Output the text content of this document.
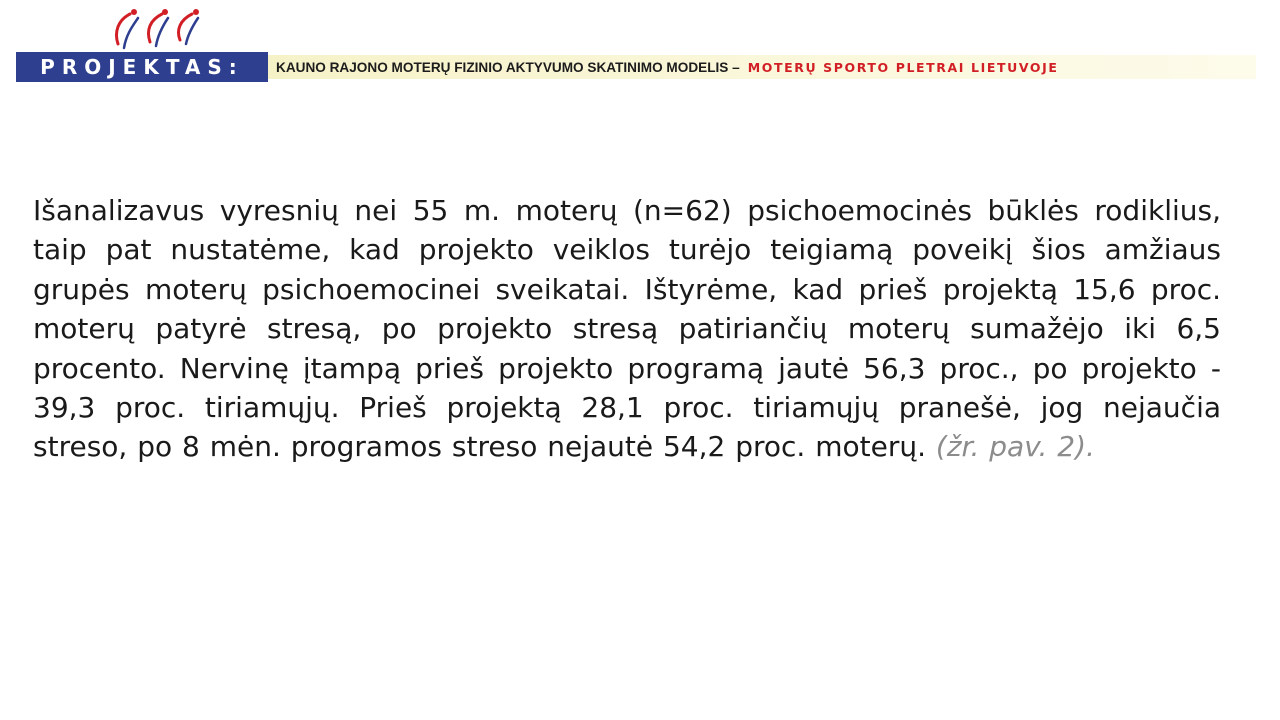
PROJEKTAS: KAUNO RAJONO MOTERŲ FIZINIO AKTYVUMO SKATINIMO MODELIS – MOTERŲ SPORTO PLETRAI LIETUVOJE

Išanalizavus vyresnių nei 55 m. moterų (n=62) psichoemocinės būklės rodiklius, taip pat nustatėme, kad projekto veiklos turėjo teigiamą poveikį šios amžiaus grupės moterų psichoemocinei sveikatai. Ištyrėme, kad prieš projektą 15,6 proc. moterų patyrė stresą, po projekto stresą patiriančių moterų sumažėjo iki 6,5 procento. Nervinę įtampą prieš projekto programą jautė 56,3 proc., po projekto - 39,3 proc. tiriamųjų. Prieš projektą 28,1 proc. tiriamųjų pranešė, jog nejaučia streso, po 8 mėn. programos streso nejautė 54,2 proc. moterų. (žr. pav. 2).
